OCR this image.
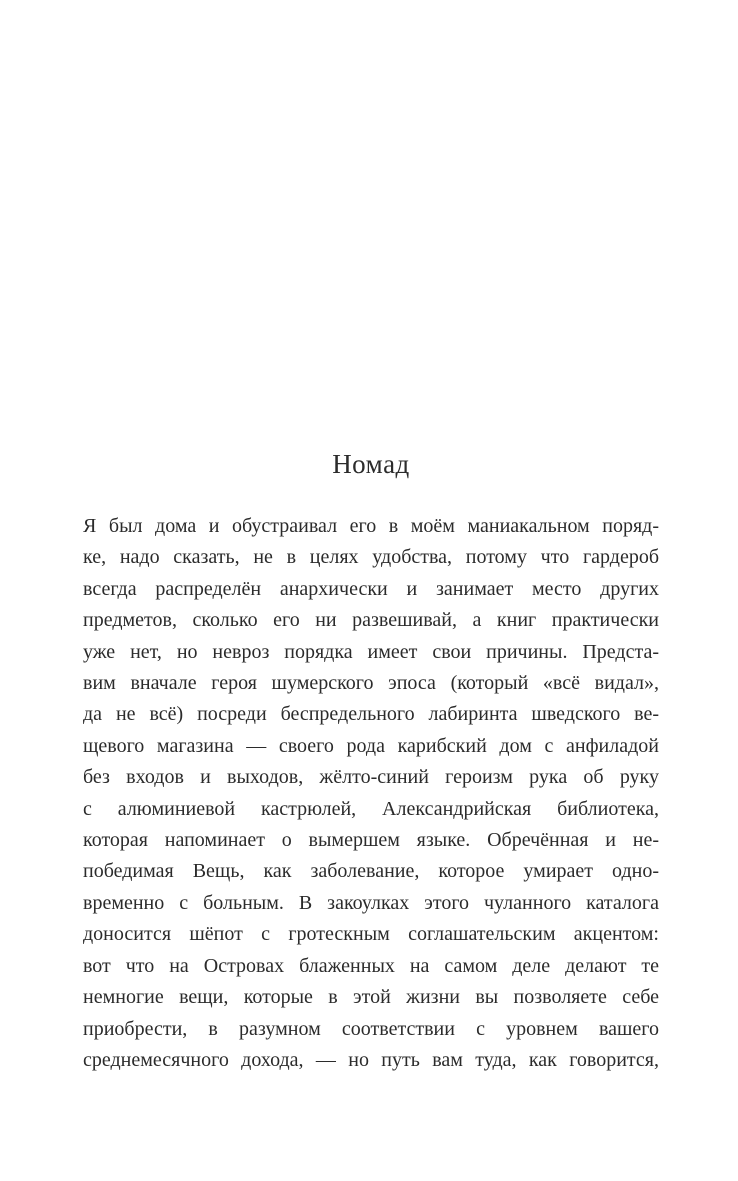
Номад
Я был дома и обустраивал его в моём маниакальном поряд-
ке, надо сказать, не в целях удобства, потому что гардероб
всегда распределён анархически и занимает место других
предметов, сколько его ни развешивай, а книг практически
уже нет, но невроз порядка имеет свои причины. Предста-
вим вначале героя шумерского эпоса (который «всё видал»,
да не всё) посреди беспредельного лабиринта шведского ве-
щевого магазина — своего рода карибский дом с анфиладой
без входов и выходов, жёлто-синий героизм рука об руку
с алюминиевой кастрюлей, Александрийская библиотека,
которая напоминает о вымершем языке. Обречённая и не-
победимая Вещь, как заболевание, которое умирает одно-
временно с больным. В закоулках этого чуланного каталога
доносится шёпот с гротескным соглашательским акцентом:
вот что на Островах блаженных на самом деле делают те
немногие вещи, которые в этой жизни вы позволяете себе
приобрести, в разумном соответствии с уровнем вашего
среднемесячного дохода, — но путь вам туда, как говорится,
